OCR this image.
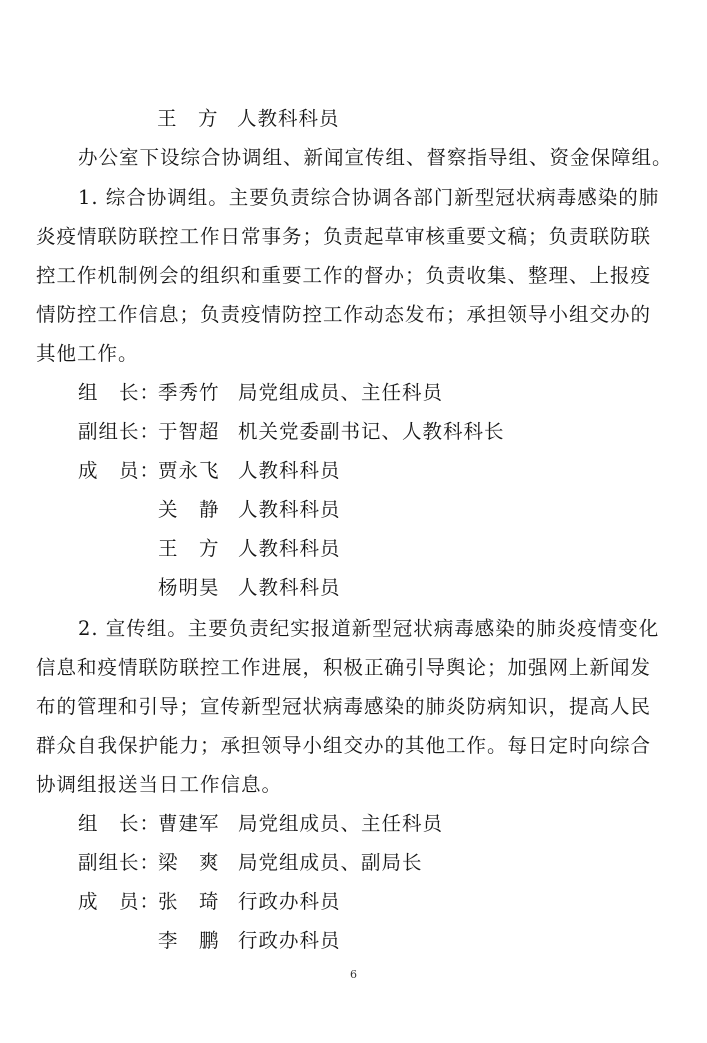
王　方 人教科科员
办公室下设综合协调组、新闻宣传组、督察指导组、资金保障组。
1. 综合协调组。主要负责综合协调各部门新型冠状病毒感染的肺
炎疫情联防联控工作日常事务；负责起草审核重要文稿；负责联防联
控工作机制例会的组织和重要工作的督办；负责收集、整理、上报疫
情防控工作信息；负责疫情防控工作动态发布；承担领导小组交办的
其他工作。
组　长：季秀竹 局党组成员、主任科员
副组长：于智超 机关党委副书记、人教科科长
成　员：贾永飞 人教科科员
关　静 人教科科员
王　方 人教科科员
杨明昊 人教科科员
2. 宣传组。主要负责纪实报道新型冠状病毒感染的肺炎疫情变化
信息和疫情联防联控工作进展，积极正确引导舆论；加强网上新闻发
布的管理和引导；宣传新型冠状病毒感染的肺炎防病知识，提高人民
群众自我保护能力；承担领导小组交办的其他工作。每日定时向综合
协调组报送当日工作信息。
组　长：曹建军 局党组成员、主任科员
副组长：梁　爽 局党组成员、副局长
成　员：张　琦 行政办科员
李　鹏 行政办科员
6
